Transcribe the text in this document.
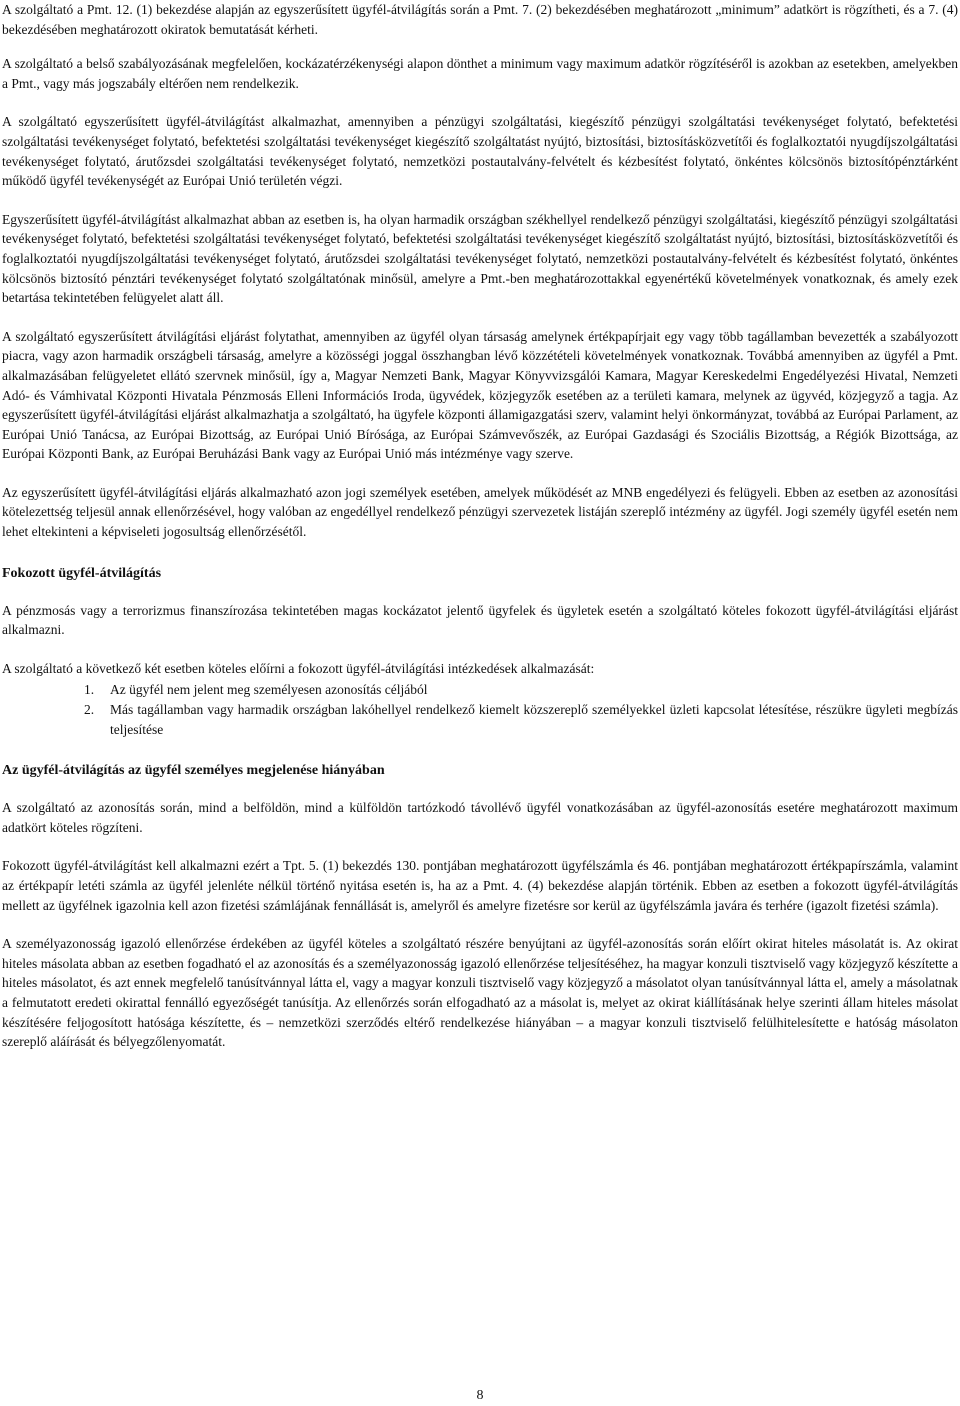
A szolgáltató a Pmt. 12. (1) bekezdése alapján az egyszerűsített ügyfél-átvilágítás során a Pmt. 7. (2) bekezdésében meghatározott „minimum” adatkört is rögzítheti, és a 7. (4) bekezdésében meghatározott okiratok bemutatását kérheti.

A szolgáltató a belső szabályozásának megfelelően, kockázatérzékenységi alapon dönthet a minimum vagy maximum adatkör rögzítéséről is azokban az esetekben, amelyekben a Pmt., vagy más jogszabály eltérően nem rendelkezik.

A szolgáltató egyszerűsített ügyfél-átvilágítást alkalmazhat, amennyiben a pénzügyi szolgáltatási, kiegészítő pénzügyi szolgáltatási tevékenységet folytató, befektetési szolgáltatási tevékenységet folytató, befektetési szolgáltatási tevékenységet kiegészítő szolgáltatást nyújtó, biztosítási, biztosításközvetítői és foglalkoztatói nyugdíjszolgáltatási tevékenységet folytató, árutőzsdei szolgáltatási tevékenységet folytató, nemzetközi postautalvány-felvételt és kézbesítést folytató, önkéntes kölcsönös biztosítópénztárként működő ügyfél tevékenységét az Európai Unió területén végzi.

Egyszerűsített ügyfél-átvilágítást alkalmazhat abban az esetben is, ha olyan harmadik országban székhellyel rendelkező pénzügyi szolgáltatási, kiegészítő pénzügyi szolgáltatási tevékenységet folytató, befektetési szolgáltatási tevékenységet folytató, befektetési szolgáltatási tevékenységet kiegészítő szolgáltatást nyújtó, biztosítási, biztosításközvetítői és foglalkoztatói nyugdíjszolgáltatási tevékenységet folytató, árutőzsdei szolgáltatási tevékenységet folytató, nemzetközi postautalvány-felvételt és kézbesítést folytató, önkéntes kölcsönös biztosító pénztári tevékenységet folytató szolgáltatónak minősül, amelyre a Pmt.-ben meghatározottakkal egyenértékű követelmények vonatkoznak, és amely ezek betartása tekintetében felügyelet alatt áll.

A szolgáltató egyszerűsített átvilágítási eljárást folytathat, amennyiben az ügyfél olyan társaság amelynek értékpapírjait egy vagy több tagállamban bevezették a szabályozott piacra, vagy azon harmadik országbeli társaság, amelyre a közösségi joggal összhangban lévő közzétételi követelmények vonatkoznak. Továbbá amennyiben az ügyfél a Pmt. alkalmazásában felügyeletet ellátó szervnek minősül, így a, Magyar Nemzeti Bank, Magyar Könyvvizsgálói Kamara, Magyar Kereskedelmi Engedélyezési Hivatal, Nemzeti Adó- és Vámhivatal Központi Hivatala Pénzmosás Elleni Információs Iroda, ügyvédek, közjegyzők esetében az a területi kamara, melynek az ügyvéd, közjegyző a tagja. Az egyszerűsített ügyfél-átvilágítási eljárást alkalmazhatja a szolgáltató, ha ügyfele központi államigazgatási szerv, valamint helyi önkormányzat, továbbá az Európai Parlament, az Európai Unió Tanácsa, az Európai Bizottság, az Európai Unió Bírósága, az Európai Számvevőszék, az Európai Gazdasági és Szociális Bizottság, a Régiók Bizottsága, az Európai Központi Bank, az Európai Beruházási Bank vagy az Európai Unió más intézménye vagy szerve.

Az egyszerűsített ügyfél-átvilágítási eljárás alkalmazható azon jogi személyek esetében, amelyek működését az MNB engedélyezi és felügyeli. Ebben az esetben az azonosítási kötelezettség teljesül annak ellenőrzésével, hogy valóban az engedéllyel rendelkező pénzügyi szervezetek listáján szereplő intézmény az ügyfél. Jogi személy ügyfél esetén nem lehet eltekinteni a képviseleti jogosultság ellenőrzésétől.

Fokozott ügyfél-átvilágítás

A pénzmosás vagy a terrorizmus finanszírozása tekintetében magas kockázatot jelentő ügyfelek és ügyletek esetén a szolgáltató köteles fokozott ügyfél-átvilágítási eljárást alkalmazni.

A szolgáltató a következő két esetben köteles előírni a fokozott ügyfél-átvilágítási intézkedések alkalmazását:

1. Az ügyfél nem jelent meg személyesen azonosítás céljából
2. Más tagállamban vagy harmadik országban lakóhellyel rendelkező kiemelt közszereplő személyekkel üzleti kapcsolat létesítése, részükre ügyleti megbízás teljesítése
Az ügyfél-átvilágítás az ügyfél személyes megjelenése hiányában

A szolgáltató az azonosítás során, mind a belföldön, mind a külföldön tartózkodó távollévő ügyfél vonatkozásában az ügyfél-azonosítás esetére meghatározott maximum adatkört köteles rögzíteni.

Fokozott ügyfél-átvilágítást kell alkalmazni ezért a Tpt. 5. (1) bekezdés 130. pontjában meghatározott ügyfélszámla és 46. pontjában meghatározott értékpapírszámla, valamint az értékpapír letéti számla az ügyfél jelenléte nélkül történő nyitása esetén is, ha az a Pmt. 4. (4) bekezdése alapján történik. Ebben az esetben a fokozott ügyfél-átvilágítás mellett az ügyfélnek igazolnia kell azon fizetési számlájának fennállását is, amelyről és amelyre fizetésre sor kerül az ügyfélszámla javára és terhére (igazolt fizetési számla).

A személyazonosság igazoló ellenőrzése érdekében az ügyfél köteles a szolgáltató részére benyújtani az ügyfél-azonosítás során előírt okirat hiteles másolatát is. Az okirat hiteles másolata abban az esetben fogadható el az azonosítás és a személyazonosság igazoló ellenőrzése teljesítéséhez, ha magyar konzuli tisztviselő vagy közjegyző készítette a hiteles másolatot, és azt ennek megfelelő tanúsítvánnyal látta el, vagy a magyar konzuli tisztviselő vagy közjegyző a másolatot olyan tanúsítvánnyal látta el, amely a másolatnak a felmutatott eredeti okirattal fennálló egyezőségét tanúsítja. Az ellenőrzés során elfogadható az a másolat is, melyet az okirat kiállításának helye szerinti állam hiteles másolat készítésére feljogosított hatósága készítette, és – nemzetközi szerződés eltérő rendelkezése hiányában – a magyar konzuli tisztviselő felülhitelesítette e hatóság másolaton szereplő aláírását és bélyegzőlenyomatát.

8
